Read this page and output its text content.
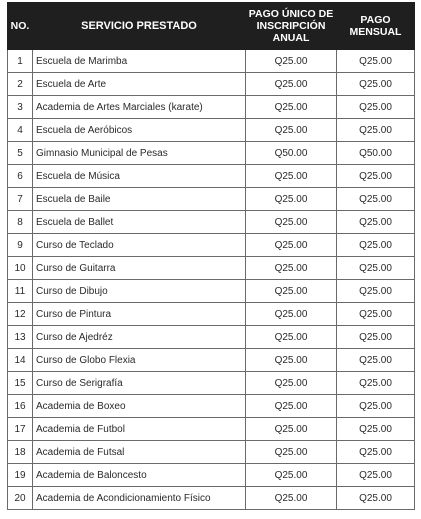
NO.	SERVICIO PRESTADO	PAGO ÚNICO DE INSCRIPCIÓN ANUAL	PAGO MENSUAL
1	Escuela de Marimba	Q25.00	Q25.00
2	Escuela de Arte	Q25.00	Q25.00
3	Academia de Artes Marciales (karate)	Q25.00	Q25.00
4	Escuela de Aeróbicos	Q25.00	Q25.00
5	Gimnasio Municipal de Pesas	Q50.00	Q50.00
6	Escuela de Música	Q25.00	Q25.00
7	Escuela de Baile	Q25.00	Q25.00
8	Escuela de Ballet	Q25.00	Q25.00
9	Curso de Teclado	Q25.00	Q25.00
10	Curso de Guitarra	Q25.00	Q25.00
11	Curso de Dibujo	Q25.00	Q25.00
12	Curso de Pintura	Q25.00	Q25.00
13	Curso de Ajedréz	Q25.00	Q25.00
14	Curso de Globo Flexia	Q25.00	Q25.00
15	Curso de Serigrafía	Q25.00	Q25.00
16	Academia de Boxeo	Q25.00	Q25.00
17	Academia de Futbol	Q25.00	Q25.00
18	Academia de Futsal	Q25.00	Q25.00
19	Academia de Baloncesto	Q25.00	Q25.00
20	Academia de Acondicionamiento Físico	Q25.00	Q25.00
